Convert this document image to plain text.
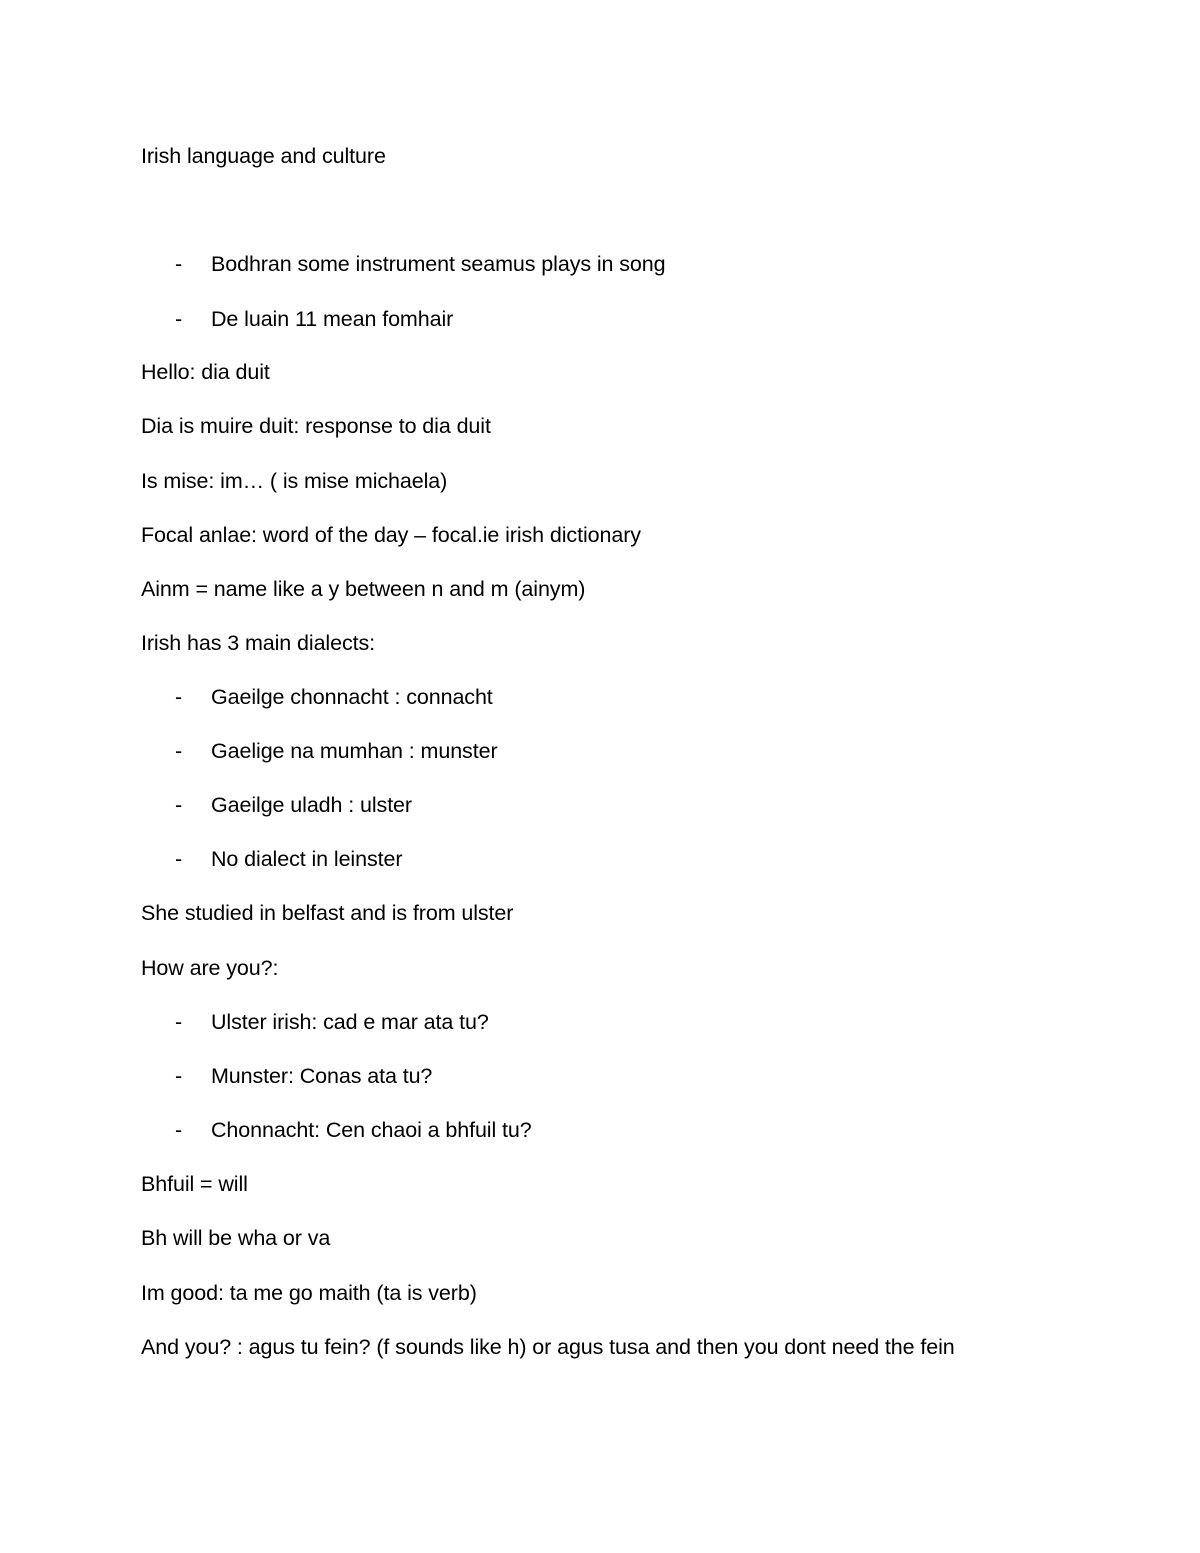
Irish language and culture
- Bodhran some instrument seamus plays in song
- De luain 11 mean fomhair
Hello: dia duit
Dia is muire duit: response to dia duit
Is mise: im… ( is mise michaela)
Focal anlae: word of the day – focal.ie irish dictionary
Ainm = name like a y between n and m (ainym)
Irish has 3 main dialects:
- Gaeilge chonnacht : connacht
- Gaelige na mumhan : munster
- Gaeilge uladh : ulster
- No dialect in leinster
She studied in belfast and is from ulster
How are you?:
- Ulster irish: cad e mar ata tu?
- Munster: Conas ata tu?
- Chonnacht: Cen chaoi a bhfuil tu?
Bhfuil = will
Bh will be wha or va
Im good: ta me go maith (ta is verb)
And you? : agus tu fein? (f sounds like h) or agus tusa and then you dont need the fein
